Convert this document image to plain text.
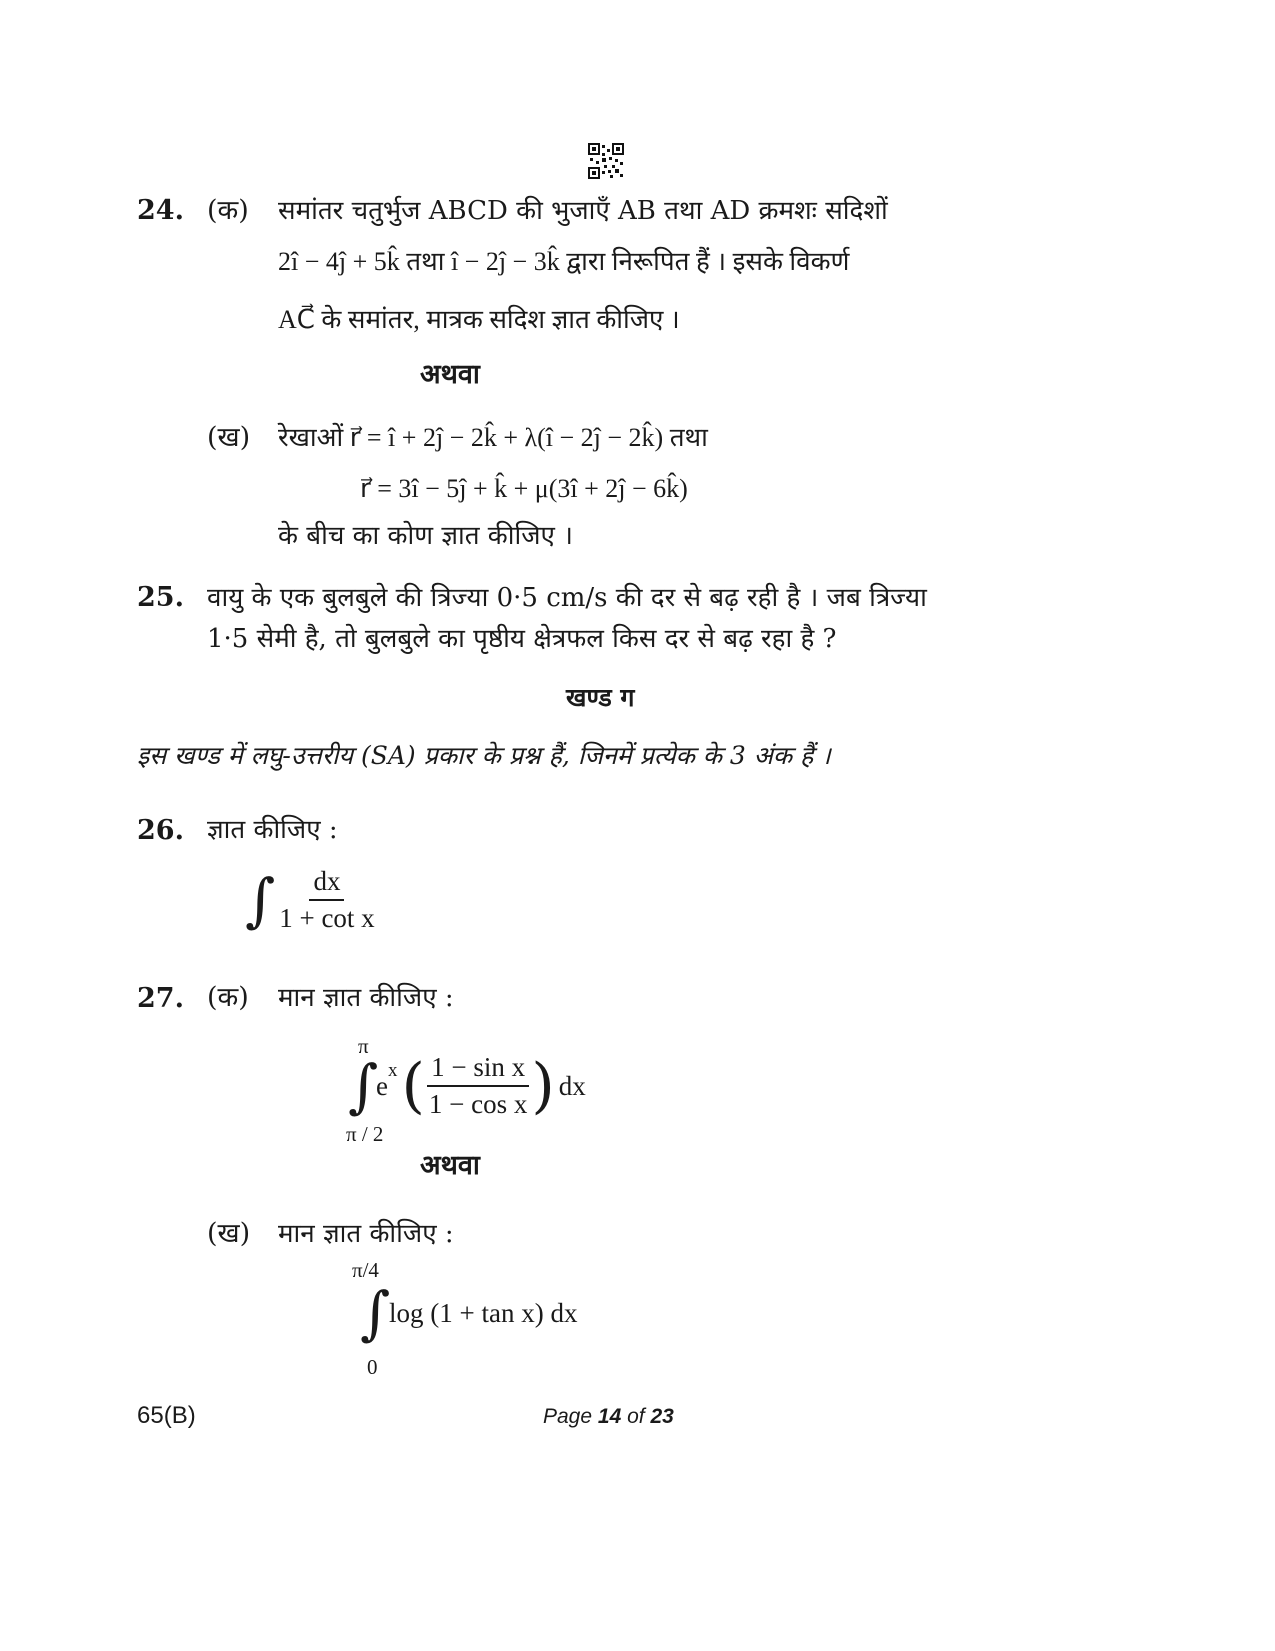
24. (क) समांतर चतुर्भुज ABCD की भुजाएँ AB तथा AD क्रमशः सदिशों
2î − 4ĵ + 5k̂ तथा î − 2ĵ − 3k̂ द्वारा निरूपित हैं । इसके विकर्ण
AC⃗ के समांतर, मात्रक सदिश ज्ञात कीजिए ।
अथवा
(ख) रेखाओं r⃗ = î + 2ĵ − 2k̂ + λ(î − 2ĵ − 2k̂) तथा
r⃗ = 3î − 5ĵ + k̂ + μ(3î + 2ĵ − 6k̂)
के बीच का कोण ज्ञात कीजिए ।
25. वायु के एक बुलबुले की त्रिज्या 0·5 cm/s की दर से बढ़ रही है । जब त्रिज्या
1·5 सेमी है, तो बुलबुले का पृष्ठीय क्षेत्रफल किस दर से बढ़ रहा है ?
खण्ड ग
इस खण्ड में लघु-उत्तरीय (SA) प्रकार के प्रश्न हैं, जिनमें प्रत्येक के 3 अंक हैं ।
26. ज्ञात कीजिए :
∫ $\frac{dx}{\text{1 + cot x}}$
27. (क) मान ज्ञात कीजिए :
π
∫
π / 2
e x ( $\frac{\text{1 − sin x}}{\text{1 − cos x}}$ ) dx
अथवा
(ख) मान ज्ञात कीजिए :
π/4
∫
log (1 + tan x) dx
0
65(B)	Page 14 of 23
